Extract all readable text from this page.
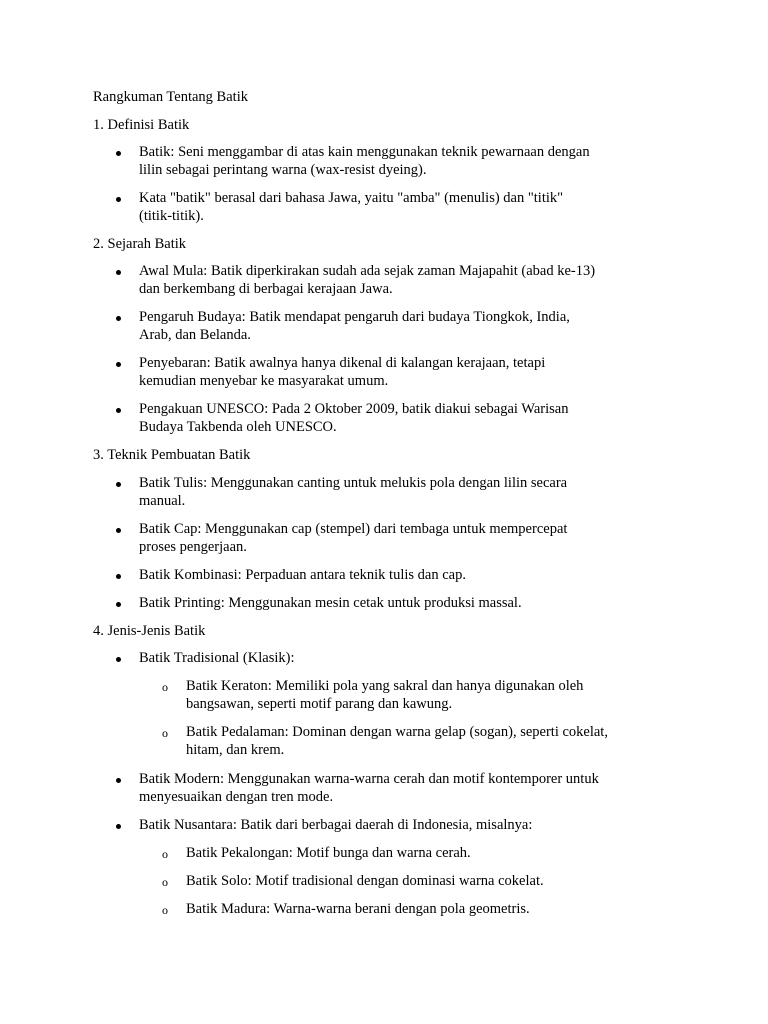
Rangkuman Tentang Batik
1. Definisi Batik
Batik: Seni menggambar di atas kain menggunakan teknik pewarnaan dengan
lilin sebagai perintang warna (wax-resist dyeing).
Kata "batik" berasal dari bahasa Jawa, yaitu "amba" (menulis) dan "titik"
(titik-titik).
2. Sejarah Batik
Awal Mula: Batik diperkirakan sudah ada sejak zaman Majapahit (abad ke-13)
dan berkembang di berbagai kerajaan Jawa.
Pengaruh Budaya: Batik mendapat pengaruh dari budaya Tiongkok, India,
Arab, dan Belanda.
Penyebaran: Batik awalnya hanya dikenal di kalangan kerajaan, tetapi
kemudian menyebar ke masyarakat umum.
Pengakuan UNESCO: Pada 2 Oktober 2009, batik diakui sebagai Warisan
Budaya Takbenda oleh UNESCO.
3. Teknik Pembuatan Batik
Batik Tulis: Menggunakan canting untuk melukis pola dengan lilin secara
manual.
Batik Cap: Menggunakan cap (stempel) dari tembaga untuk mempercepat
proses pengerjaan.
Batik Kombinasi: Perpaduan antara teknik tulis dan cap.
Batik Printing: Menggunakan mesin cetak untuk produksi massal.
4. Jenis-Jenis Batik
Batik Tradisional (Klasik):
o Batik Keraton: Memiliki pola yang sakral dan hanya digunakan oleh
bangsawan, seperti motif parang dan kawung.
o Batik Pedalaman: Dominan dengan warna gelap (sogan), seperti cokelat,
hitam, dan krem.
Batik Modern: Menggunakan warna-warna cerah dan motif kontemporer untuk
menyesuaikan dengan tren mode.
Batik Nusantara: Batik dari berbagai daerah di Indonesia, misalnya:
o Batik Pekalongan: Motif bunga dan warna cerah.
o Batik Solo: Motif tradisional dengan dominasi warna cokelat.
o Batik Madura: Warna-warna berani dengan pola geometris.
